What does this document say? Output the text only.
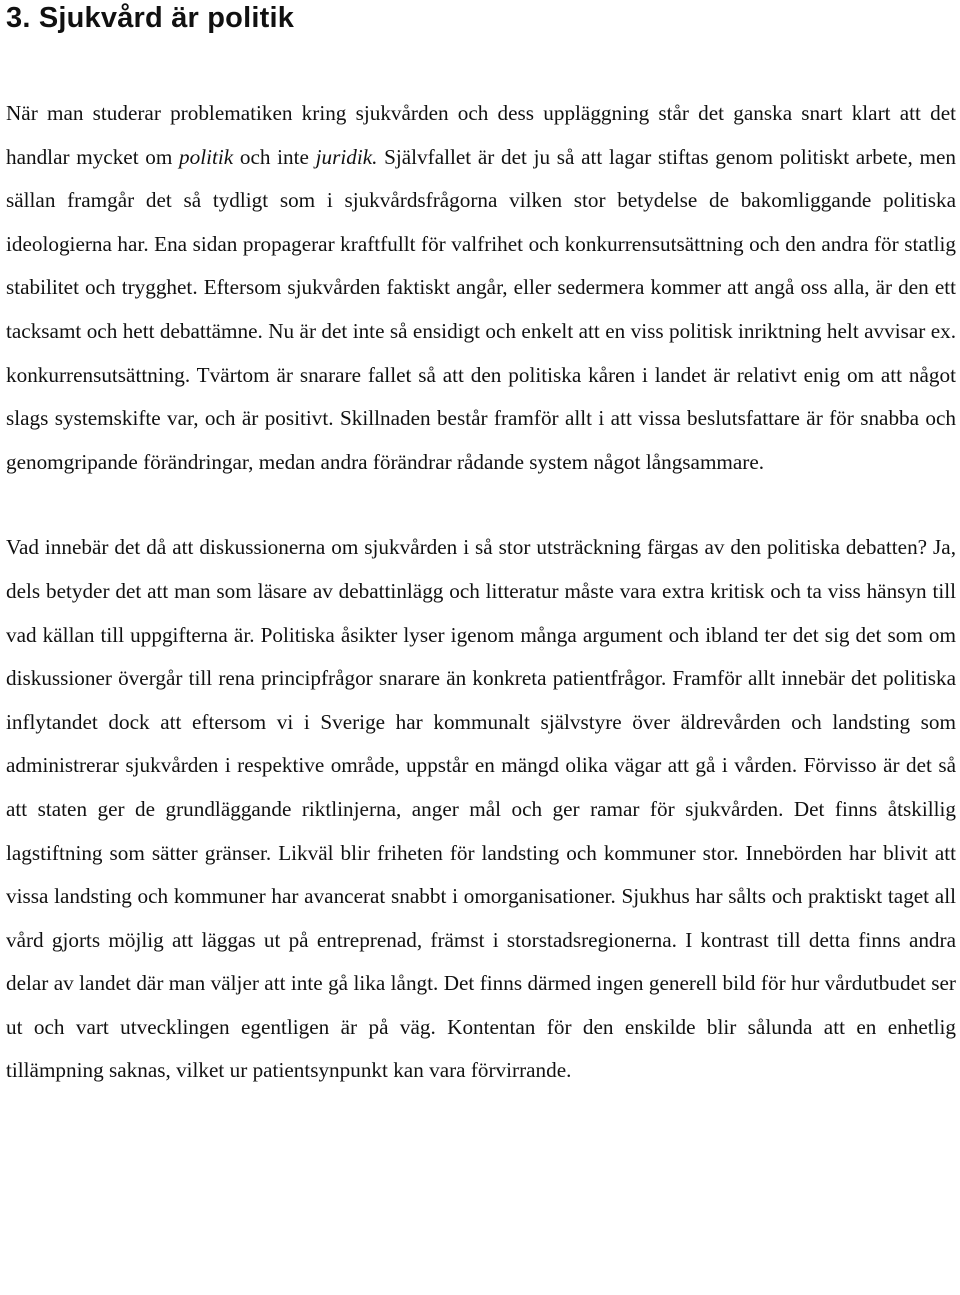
3. Sjukvård är politik

När man studerar problematiken kring sjukvården och dess uppläggning står det ganska snart klart att det handlar mycket om politik och inte juridik. Självfallet är det ju så att lagar stiftas genom politiskt arbete, men sällan framgår det så tydligt som i sjukvårdsfrågorna vilken stor betydelse de bakomliggande politiska ideologierna har. Ena sidan propagerar kraftfullt för valfrihet och konkurrensutsättning och den andra för statlig stabilitet och trygghet. Eftersom sjukvården faktiskt angår, eller sedermera kommer att angå oss alla, är den ett tacksamt och hett debattämne. Nu är det inte så ensidigt och enkelt att en viss politisk inriktning helt avvisar ex. konkurrensutsättning. Tvärtom är snarare fallet så att den politiska kåren i landet är relativt enig om att något slags systemskifte var, och är positivt. Skillnaden består framför allt i att vissa beslutsfattare är för snabba och genomgripande förändringar, medan andra förändrar rådande system något långsammare.

Vad innebär det då att diskussionerna om sjukvården i så stor utsträckning färgas av den politiska debatten? Ja, dels betyder det att man som läsare av debattinlägg och litteratur måste vara extra kritisk och ta viss hänsyn till vad källan till uppgifterna är. Politiska åsikter lyser igenom många argument och ibland ter det sig det som om diskussioner övergår till rena principfrågor snarare än konkreta patientfrågor. Framför allt innebär det politiska inflytandet dock att eftersom vi i Sverige har kommunalt självstyre över äldrevården och landsting som administrerar sjukvården i respektive område, uppstår en mängd olika vägar att gå i vården. Förvisso är det så att staten ger de grundläggande riktlinjerna, anger mål och ger ramar för sjukvården. Det finns åtskillig lagstiftning som sätter gränser. Likväl blir friheten för landsting och kommuner stor. Innebörden har blivit att vissa landsting och kommuner har avancerat snabbt i omorganisationer. Sjukhus har sålts och praktiskt taget all vård gjorts möjlig att läggas ut på entreprenad, främst i storstadsregionerna. I kontrast till detta finns andra delar av landet där man väljer att inte gå lika långt. Det finns därmed ingen generell bild för hur vårdutbudet ser ut och vart utvecklingen egentligen är på väg. Kontentan för den enskilde blir sålunda att en enhetlig tillämpning saknas, vilket ur patientsynpunkt kan vara förvirrande.
